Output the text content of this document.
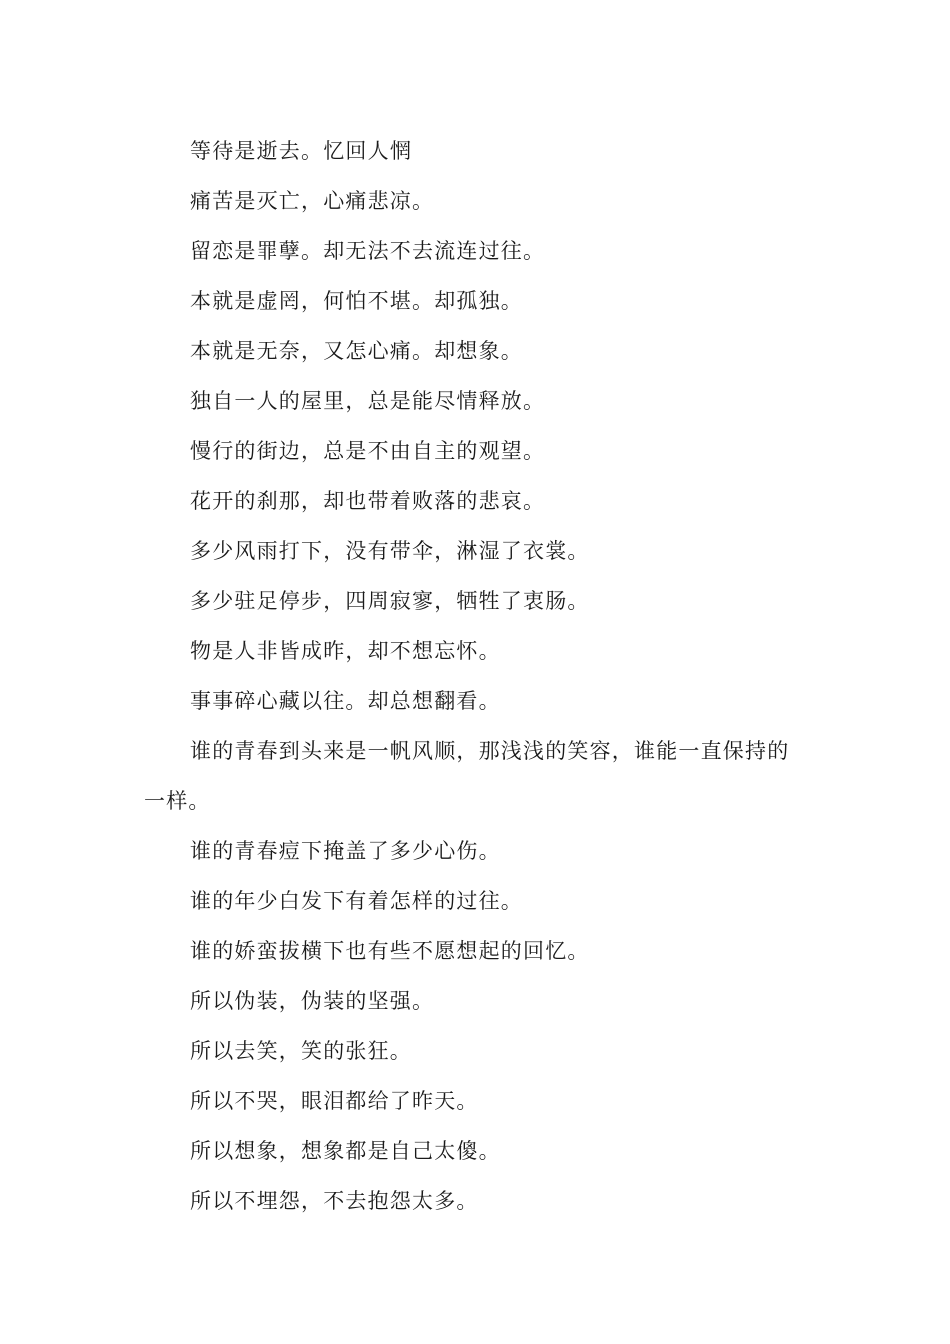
等待是逝去。忆回人惘

痛苦是灭亡，心痛悲凉。

留恋是罪孽。却无法不去流连过往。

本就是虚罔，何怕不堪。却孤独。

本就是无奈，又怎心痛。却想象。

独自一人的屋里，总是能尽情释放。

慢行的街边，总是不由自主的观望。

花开的刹那，却也带着败落的悲哀。

多少风雨打下，没有带伞，淋湿了衣裳。

多少驻足停步，四周寂寥，牺牲了衷肠。

物是人非皆成昨，却不想忘怀。

事事碎心藏以往。却总想翻看。

谁的青春到头来是一帆风顺，那浅浅的笑容，谁能一直保持的一样。

谁的青春痘下掩盖了多少心伤。

谁的年少白发下有着怎样的过往。

谁的娇蛮拔横下也有些不愿想起的回忆。

所以伪装，伪装的坚强。

所以去笑，笑的张狂。

所以不哭，眼泪都给了昨天。

所以想象，想象都是自己太傻。

所以不埋怨，不去抱怨太多。
